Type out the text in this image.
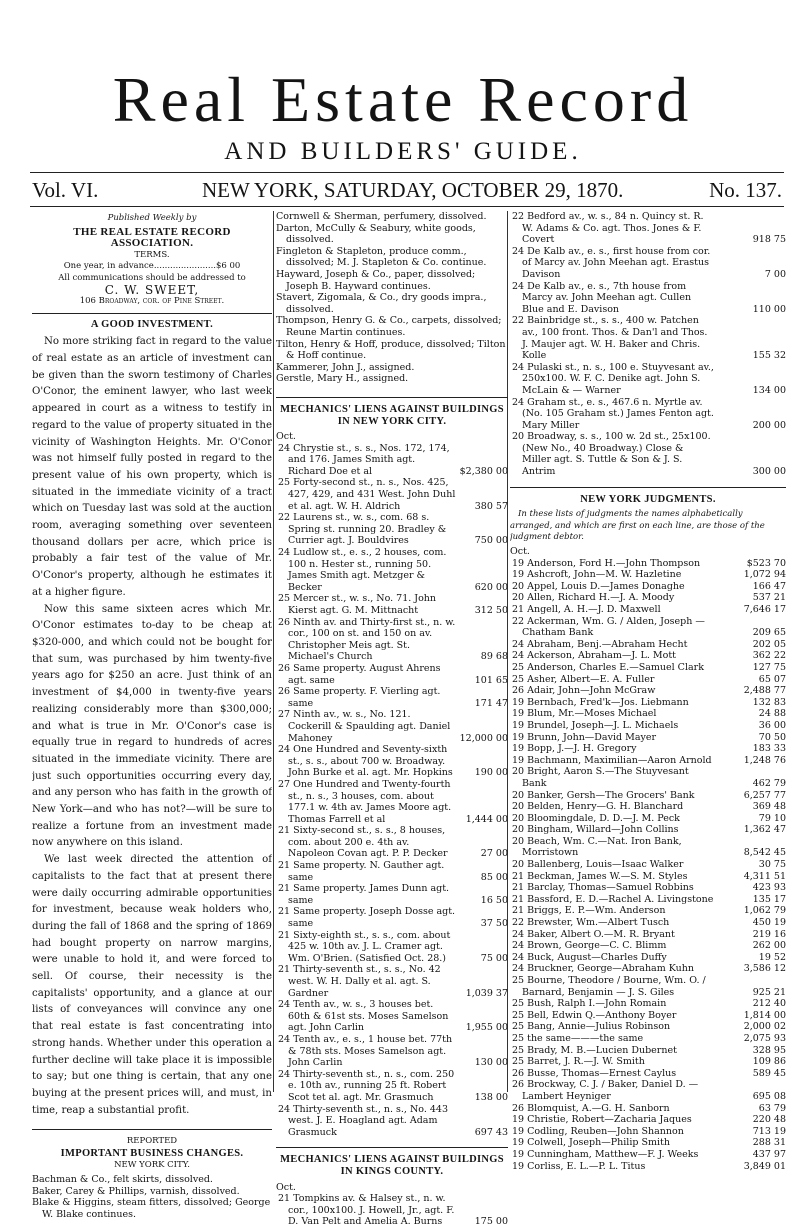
Real Estate Record
AND BUILDERS' GUIDE.
Vol. VI.	NEW YORK, SATURDAY, OCTOBER 29, 1870.	No. 137.
Published Weekly by
THE REAL ESTATE RECORD ASSOCIATION.
TERMS.
One year, in advance.......................$6 00
All communications should be addressed to
C. W. SWEET,
106 Broadway, cor. of Pine Street.
A GOOD INVESTMENT.

No more striking fact in regard to the value of real estate as an article of investment can be given than the sworn testimony of Charles O'Conor, the eminent lawyer, who last week appeared in court as a witness to testify in regard to the value of property situated in the vicinity of Washington Heights. Mr. O'Conor was not himself fully posted in regard to the present value of his own property, which is situated in the immediate vicinity of a tract which on Tuesday last was sold at the auction room, averaging something over seventeen thousand dollars per acre, which price is probably a fair test of the value of Mr. O'Conor's property, although he estimates it at a higher figure.

Now this same sixteen acres which Mr. O'Conor estimates to-day to be cheap at $320-000, and which could not be bought for that sum, was purchased by him twenty-five years ago for $250 an acre. Just think of an investment of $4,000 in twenty-five years realizing considerably more than $300,000; and what is true in Mr. O'Conor's case is equally true in regard to hundreds of acres situated in the immediate vicinity. There are just such opportunities occurring every day, and any person who has faith in the growth of New York—and who has not?—will be sure to realize a fortune from an investment made now anywhere on this island.

We last week directed the attention of capitalists to the fact that at present there were daily occurring admirable opportunities for investment, because weak holders who, during the fall of 1868 and the spring of 1869 had bought property on narrow margins, were unable to hold it, and were forced to sell. Of course, their necessity is the capitalists' opportunity, and a glance at our lists of conveyances will convince any one that real estate is fast concentrating into strong hands. Whether under this operation a further decline will take place it is impossible to say; but one thing is certain, that any one buying at the present prices will, and must, in time, reap a substantial profit.

REPORTED
IMPORTANT BUSINESS CHANGES.
NEW YORK CITY.

Bachman & Co., felt skirts, dissolved.

Baker, Carey & Phillips, varnish, dissolved.

Blake & Higgins, steam fitters, dissolved; George W. Blake continues.

Cornwell & Sherman, perfumery, dissolved.

Darton, McCully & Seabury, white goods, dissolved.

Fingleton & Stapleton, produce comm., dissolved; M. J. Stapleton & Co. continue.

Hayward, Joseph & Co., paper, dissolved; Joseph B. Hayward continues.

Stavert, Zigomala, & Co., dry goods impra., dissolved.

Thompson, Henry G. & Co., carpets, dissolved; Reune Martin continues.

Tilton, Henry & Hoff, produce, dissolved; Tilton & Hoff continue.

Kammerer, John J., assigned.

Gerstle, Mary H., assigned.

MECHANICS' LIENS AGAINST BUILDINGS IN NEW YORK CITY.
Oct.

24 Chrystie st., s. s., Nos. 172, 174, and 176. James Smith agt. Richard Doe et al	$2,380 00

25 Forty-second st., n. s., Nos. 425, 427, 429, and 431 West. John Duhl et al. agt. W. H. Aldrich	380 57

22 Laurens st., w. s., com. 68 s. Spring st. running 20. Bradley & Currier agt. J. Bouldvires	750 00

24 Ludlow st., e. s., 2 houses, com. 100 n. Hester st., running 50. James Smith agt. Metzger & Becker	620 00

25 Mercer st., w. s., No. 71. John Kierst agt. G. M. Mittnacht	312 50

26 Ninth av. and Thirty-first st., n. w. cor., 100 on st. and 150 on av. Christopher Meis agt. St. Michael's Church	89 68

26 Same property. August Ahrens agt. same	101 65

26 Same property. F. Vierling agt. same	171 47

27 Ninth av., w. s., No. 121. Cockerill & Spaulding agt. Daniel Mahoney	12,000 00

24 One Hundred and Seventy-sixth st., s. s., about 700 w. Broadway. John Burke et al. agt. Mr. Hopkins 190 00

27 One Hundred and Twenty-fourth st., n. s., 3 houses, com. about 177.1 w. 4th av. James Moore agt. Thomas Farrell et al	1,444 00

21 Sixty-second st., s. s., 8 houses, com. about 200 e. 4th av. Napoleon Covan agt. P. P. Decker	27 00

21 Same property. N. Gauther agt. same	85 00

21 Same property. James Dunn agt. same	16 50

21 Same property. Joseph Dosse agt. same	37 50

21 Sixty-eighth st., s. s., com. about 425 w. 10th av. J. L. Cramer agt. Wm. O'Brien. (Satisfied Oct. 28.)	75 00

21 Thirty-seventh st., s. s., No. 42 west. W. H. Dally et al. agt. S. Gardner	1,039 37

24 Tenth av., w. s., 3 houses bet. 60th & 61st sts. Moses Samelson agt. John Carlin	1,955 00

24 Tenth av., e. s., 1 house bet. 77th & 78th sts. Moses Samelson agt. John Carlin	130 00

24 Thirty-seventh st., n. s., com. 250 e. 10th av., running 25 ft. Robert Scot tet al. agt. Mr. Grasmuch	138 00

24 Thirty-seventh st., n. s., No. 443 west. J. E. Hoagland agt. Adam Grasmuck	697 43

MECHANICS' LIENS AGAINST BUILDINGS IN KINGS COUNTY.
Oct.

21 Tompkins av. & Halsey st., n. w. cor., 100x100. J. Howell, Jr., agt. F. D. Van Pelt and Amelia A. Burns	175 00

22 Bedford av., w. s., 84 n. Quincy st. R. W. Adams & Co. agt. Thos. Jones & F. Covert	918 75

24 De Kalb av., e. s., first house from cor. of Marcy av. John Meehan agt. Erastus Davison	7 00

24 De Kalb av., e. s., 7th house from Marcy av. John Meehan agt. Cullen Blue and E. Davison	110 00

22 Bainbridge st., s. s., 400 w. Patchen av., 100 front. Thos. & Dan'l and Thos. J. Maujer agt. W. H. Baker and Chris. Kolle	155 32

24 Pulaski st., n. s., 100 e. Stuyvesant av., 250x100. W. F. C. Denike agt. John S. McLain & — Warner	134 00

24 Graham st., e. s., 467.6 n. Myrtle av. (No. 105 Graham st.) James Fenton agt. Mary Miller	200 00

20 Broadway, s. s., 100 w. 2d st., 25x100. (New No., 40 Broadway.) Close & Miller agt. S. Tuttle & Son & J. S. Antrim	300 00

NEW YORK JUDGMENTS.
In these lists of judgments the names alphabetically arranged, and which are first on each line, are those of the judgment debtor.
Oct.

19 Anderson, Ford H.—John Thompson	$523 70

19 Ashcroft, John—M. W. Hazletine	1,072 94

20 Appel, Louis D.—James Donaghe	166 47

20 Allen, Richard H.—J. A. Moody	537 21

21 Angell, A. H.—J. D. Maxwell	7,646 17

22 Ackerman, Wm. G. / Alden, Joseph — Chatham Bank	209 65

24 Abraham, Benj.—Abraham Hecht	202 05

24 Ackerson, Abraham—J. L. Mott	362 22

25 Anderson, Charles E.—Samuel Clark	127 75

25 Asher, Albert—E. A. Fuller	65 07

26 Adair, John—John McGraw	2,488 77

19 Bernbach, Fred'k—Jos. Liebmann	132 83

19 Blum, Mr.—Moses Michael	24 88

19 Brundel, Joseph—J. L. Michaels	36 00

19 Brunn, John—David Mayer	70 50

19 Bopp, J.—J. H. Gregory	183 33

19 Bachmann, Maximilian—Aaron Arnold	1,248 76

20 Bright, Aaron S.—The Stuyvesant Bank	462 79

20 Banker, Gersh—The Grocers' Bank	6,257 77

20 Belden, Henry—G. H. Blanchard	369 48

20 Bloomingdale, D. D.—J. M. Peck	79 10

20 Bingham, Willard—John Collins	1,362 47

20 Beach, Wm. C.—Nat. Iron Bank, Morristown	8,542 45

20 Ballenberg, Louis—Isaac Walker	30 75

21 Beckman, James W.—S. M. Styles	4,311 51

21 Barclay, Thomas—Samuel Robbins	423 93

21 Bassford, E. D.—Rachel A. Livingstone	135 17

21 Briggs, E. P.—Wm. Anderson	1,062 79

22 Brewster, Wm.—Albert Tusch	450 19

24 Baker, Albert O.—M. R. Bryant	219 16

24 Brown, George—C. C. Blimm	262 00

24 Buck, August—Charles Duffy	19 52

24 Bruckner, George—Abraham Kuhn	3,586 12

25 Bourne, Theodore / Bourne, Wm. O. / Barnard, Benjamin — J. S. Giles	925 21

25 Bush, Ralph I.—John Romain	212 40

25 Bell, Edwin Q.—Anthony Boyer	1,814 00

25 Bang, Annie—Julius Robinson	2,000 02

25 the same———the same	2,075 93

25 Brady, M. B.—Lucien Dubernet	328 95

25 Barret, J. R.—J. W. Smith	109 86

26 Busse, Thomas—Ernest Caylus	589 45

26 Brockway, C. J. / Baker, Daniel D. — Lambert Heyniger	695 08

26 Blomquist, A.—G. H. Sanborn	63 79

19 Christie, Robert—Zacharia Jaques	220 48

19 Codling, Reuben—John Shannon	713 19

19 Colwell, Joseph—Philip Smith	288 31

19 Cunningham, Matthew—F. J. Weeks	437 97

19 Corliss, E. L.—P. L. Titus	3,849 01
